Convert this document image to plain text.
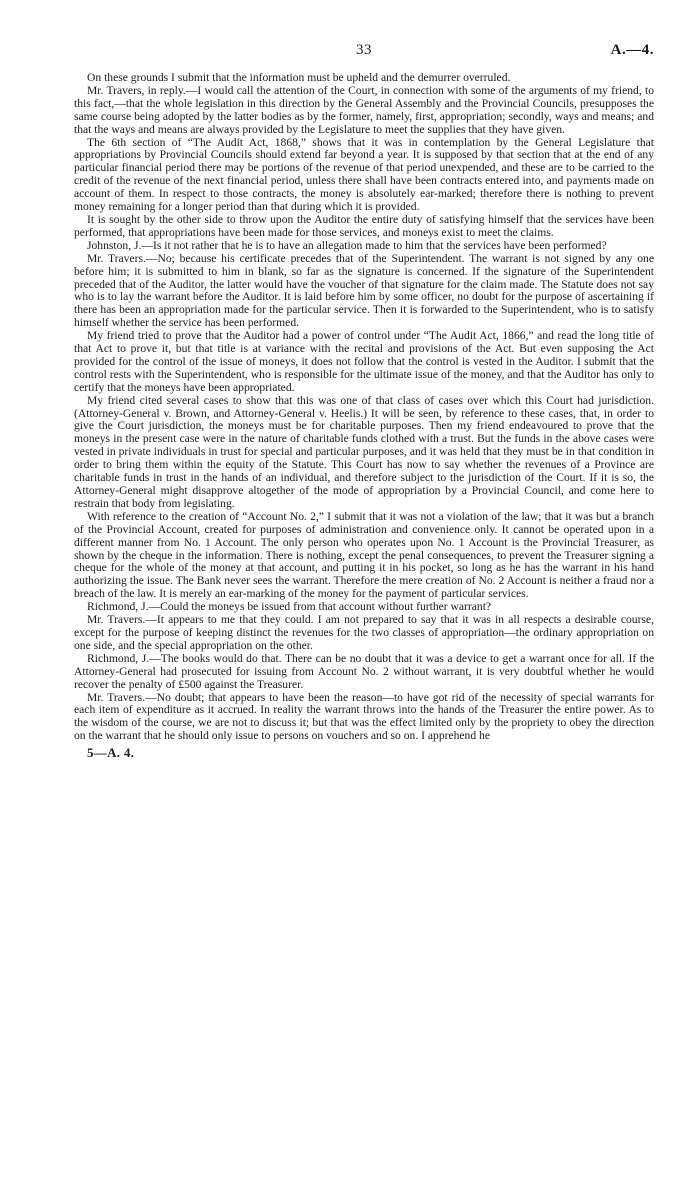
33	A.—4.

On these grounds I submit that the information must be upheld and the demurrer overruled.

Mr. Travers, in reply.—I would call the attention of the Court, in connection with some of the arguments of my friend, to this fact,—that the whole legislation in this direction by the General Assembly and the Provincial Councils, presupposes the same course being adopted by the latter bodies as by the former, namely, first, appropriation; secondly, ways and means; and that the ways and means are always provided by the Legislature to meet the supplies that they have given.

The 6th section of “The Audit Act, 1868,” shows that it was in contemplation by the General Legislature that appropriations by Provincial Councils should extend far beyond a year. It is supposed by that section that at the end of any particular financial period there may be portions of the revenue of that period unexpended, and these are to be carried to the credit of the revenue of the next financial period, unless there shall have been contracts entered into, and payments made on account of them. In respect to those contracts, the money is absolutely ear-marked; therefore there is nothing to prevent money remaining for a longer period than that during which it is provided.

It is sought by the other side to throw upon the Auditor the entire duty of satisfying himself that the services have been performed, that appropriations have been made for those services, and moneys exist to meet the claims.

Johnston, J.—Is it not rather that he is to have an allegation made to him that the services have been performed?

Mr. Travers.—No; because his certificate precedes that of the Superintendent. The warrant is not signed by any one before him; it is submitted to him in blank, so far as the signature is concerned. If the signature of the Superintendent preceded that of the Auditor, the latter would have the voucher of that signature for the claim made. The Statute does not say who is to lay the warrant before the Auditor. It is laid before him by some officer, no doubt for the purpose of ascertaining if there has been an appropriation made for the particular service. Then it is forwarded to the Superintendent, who is to satisfy himself whether the service has been performed.

My friend tried to prove that the Auditor had a power of control under “The Audit Act, 1866,” and read the long title of that Act to prove it, but that title is at variance with the recital and provisions of the Act. But even supposing the Act provided for the control of the issue of moneys, it does not follow that the control is vested in the Auditor. I submit that the control rests with the Superintendent, who is responsible for the ultimate issue of the money, and that the Auditor has only to certify that the moneys have been appropriated.

My friend cited several cases to show that this was one of that class of cases over which this Court had jurisdiction. (Attorney-General v. Brown, and Attorney-General v. Heelis.) It will be seen, by reference to these cases, that, in order to give the Court jurisdiction, the moneys must be for charitable purposes. Then my friend endeavoured to prove that the moneys in the present case were in the nature of charitable funds clothed with a trust. But the funds in the above cases were vested in private individuals in trust for special and particular purposes, and it was held that they must be in that condition in order to bring them within the equity of the Statute. This Court has now to say whether the revenues of a Province are charitable funds in trust in the hands of an individual, and therefore subject to the jurisdiction of the Court. If it is so, the Attorney-General might disapprove altogether of the mode of appropriation by a Provincial Council, and come here to restrain that body from legislating.

With reference to the creation of “Account No. 2,” I submit that it was not a violation of the law; that it was but a branch of the Provincial Account, created for purposes of administration and convenience only. It cannot be operated upon in a different manner from No. 1 Account. The only person who operates upon No. 1 Account is the Provincial Treasurer, as shown by the cheque in the information. There is nothing, except the penal consequences, to prevent the Treasurer signing a cheque for the whole of the money at that account, and putting it in his pocket, so long as he has the warrant in his hand authorizing the issue. The Bank never sees the warrant. Therefore the mere creation of No. 2 Account is neither a fraud nor a breach of the law. It is merely an ear-marking of the money for the payment of particular services.

Richmond, J.—Could the moneys be issued from that account without further warrant?

Mr. Travers.—It appears to me that they could. I am not prepared to say that it was in all respects a desirable course, except for the purpose of keeping distinct the revenues for the two classes of appropriation—the ordinary appropriation on one side, and the special appropriation on the other.

Richmond, J.—The books would do that. There can be no doubt that it was a device to get a warrant once for all. If the Attorney-General had prosecuted for issuing from Account No. 2 without warrant, it is very doubtful whether he would recover the penalty of £500 against the Treasurer.

Mr. Travers.—No doubt; that appears to have been the reason—to have got rid of the necessity of special warrants for each item of expenditure as it accrued. In reality the warrant throws into the hands of the Treasurer the entire power. As to the wisdom of the course, we are not to discuss it; but that was the effect limited only by the propriety to obey the direction on the warrant that he should only issue to persons on vouchers and so on. I apprehend he

5—A. 4.
